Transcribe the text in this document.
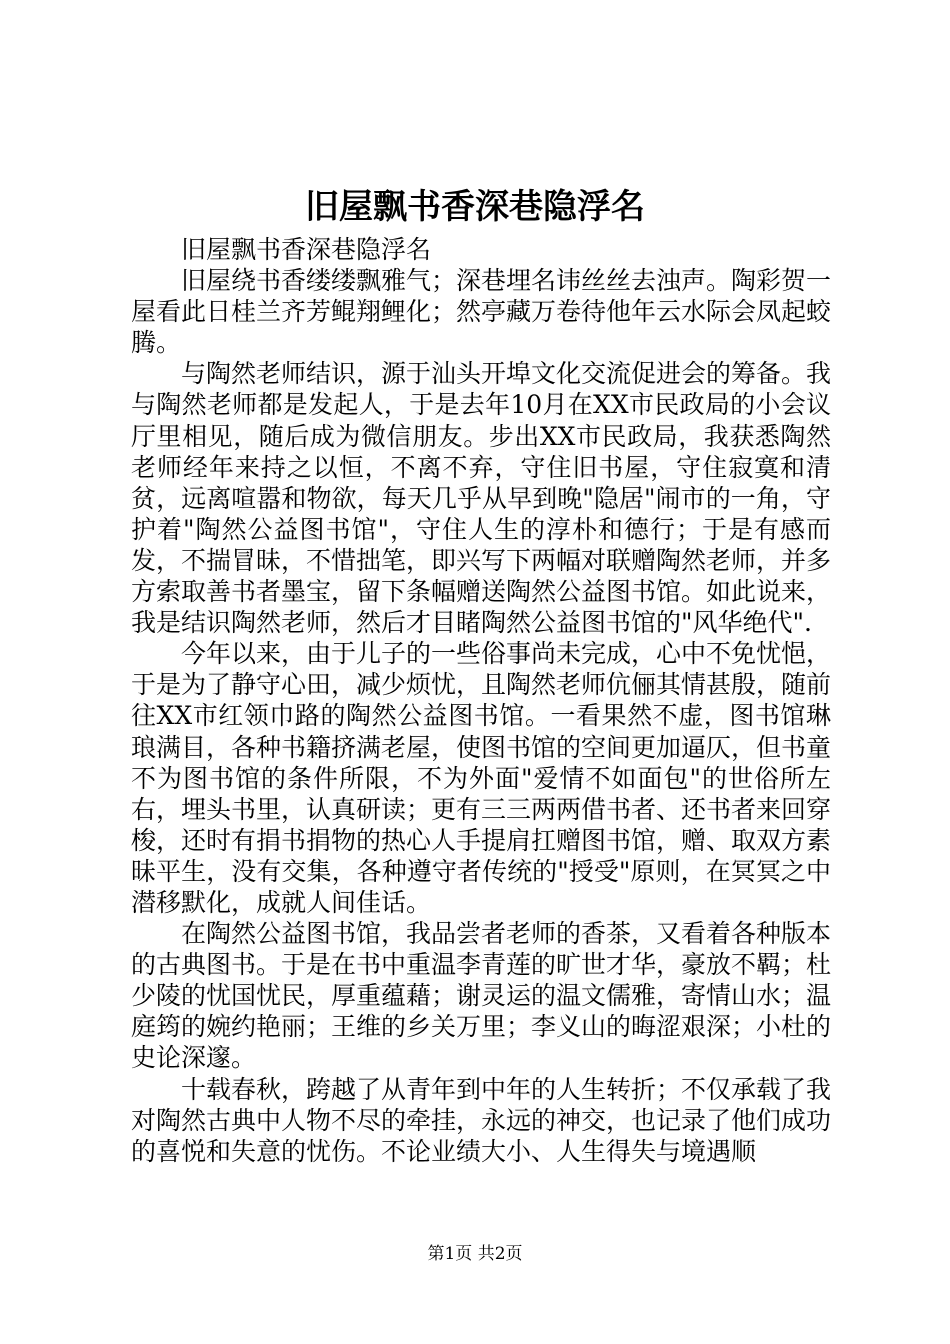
旧屋飘书香深巷隐浮名

旧屋飘书香深巷隐浮名

旧屋绕书香缕缕飘雅气；深巷埋名讳丝丝去浊声。陶彩贺一屋看此日桂兰齐芳鲲翔鲤化；然亭藏万卷待他年云水际会凤起蛟腾。

与陶然老师结识，源于汕头开埠文化交流促进会的筹备。我与陶然老师都是发起人，于是去年10月在XX市民政局的小会议厅里相见，随后成为微信朋友。步出XX市民政局，我获悉陶然老师经年来持之以恒，不离不弃，守住旧书屋，守住寂寞和清贫，远离喧嚣和物欲，每天几乎从早到晚"隐居"闹市的一角，守护着"陶然公益图书馆"，守住人生的淳朴和德行；于是有感而发，不揣冒昧，不惜拙笔，即兴写下两幅对联赠陶然老师，并多方索取善书者墨宝，留下条幅赠送陶然公益图书馆。如此说来，我是结识陶然老师，然后才目睹陶然公益图书馆的"风华绝代".

今年以来，由于儿子的一些俗事尚未完成，心中不免忧悒，于是为了静守心田，减少烦忧，且陶然老师伉俪其情甚殷，随前往XX市红领巾路的陶然公益图书馆。一看果然不虚，图书馆琳琅满目，各种书籍挤满老屋，使图书馆的空间更加逼仄，但书童不为图书馆的条件所限，不为外面"爱情不如面包"的世俗所左右，埋头书里，认真研读；更有三三两两借书者、还书者来回穿梭，还时有捐书捐物的热心人手提肩扛赠图书馆，赠、取双方素昧平生，没有交集，各种遵守者传统的"授受"原则，在冥冥之中潜移默化，成就人间佳话。

在陶然公益图书馆，我品尝者老师的香茶，又看着各种版本的古典图书。于是在书中重温李青莲的旷世才华，豪放不羁；杜少陵的忧国忧民，厚重蕴藉；谢灵运的温文儒雅，寄情山水；温庭筠的婉约艳丽；王维的乡关万里；李义山的晦涩艰深；小杜的史论深邃。

十载春秋，跨越了从青年到中年的人生转折；不仅承载了我对陶然古典中人物不尽的牵挂，永远的神交，也记录了他们成功的喜悦和失意的忧伤。不论业绩大小、人生得失与境遇顺

第1页 共2页
